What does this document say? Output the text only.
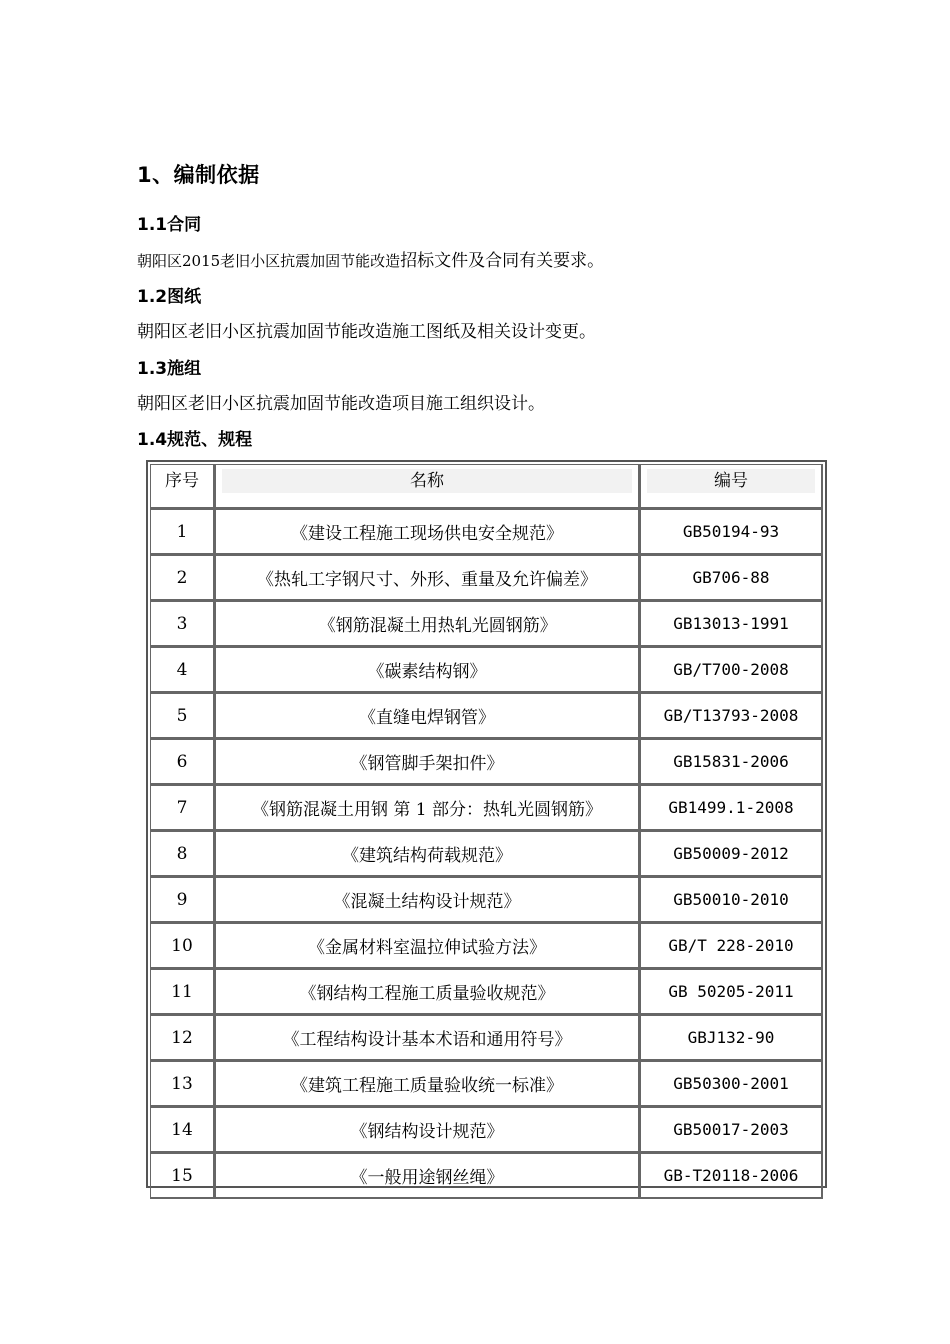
1、编制依据
1.1合同
朝阳区2015老旧小区抗震加固节能改造招标文件及合同有关要求。
1.2图纸
朝阳区老旧小区抗震加固节能改造施工图纸及相关设计变更。
1.3施组
朝阳区老旧小区抗震加固节能改造项目施工组织设计。
1.4规范、规程
序号	名称	编号

1	《建设工程施工现场供电安全规范》	GB50194-93
2	《热轧工字钢尺寸、外形、重量及允许偏差》	GB706-88
3	《钢筋混凝土用热轧光圆钢筋》	GB13013-1991
4	《碳素结构钢》	GB/T700-2008
5	《直缝电焊钢管》	GB/T13793-2008
6	《钢管脚手架扣件》	GB15831-2006
7	《钢筋混凝土用钢 第 1 部分：热轧光圆钢筋》	GB1499.1-2008
8	《建筑结构荷载规范》	GB50009-2012
9	《混凝土结构设计规范》	GB50010-2010
10	《金属材料室温拉伸试验方法》	GB/T 228-2010
11	《钢结构工程施工质量验收规范》	GB 50205-2011
12	《工程结构设计基本术语和通用符号》	GBJ132-90
13	《建筑工程施工质量验收统一标准》	GB50300-2001
14	《钢结构设计规范》	GB50017-2003
15	《一般用途钢丝绳》	GB-T20118-2006
